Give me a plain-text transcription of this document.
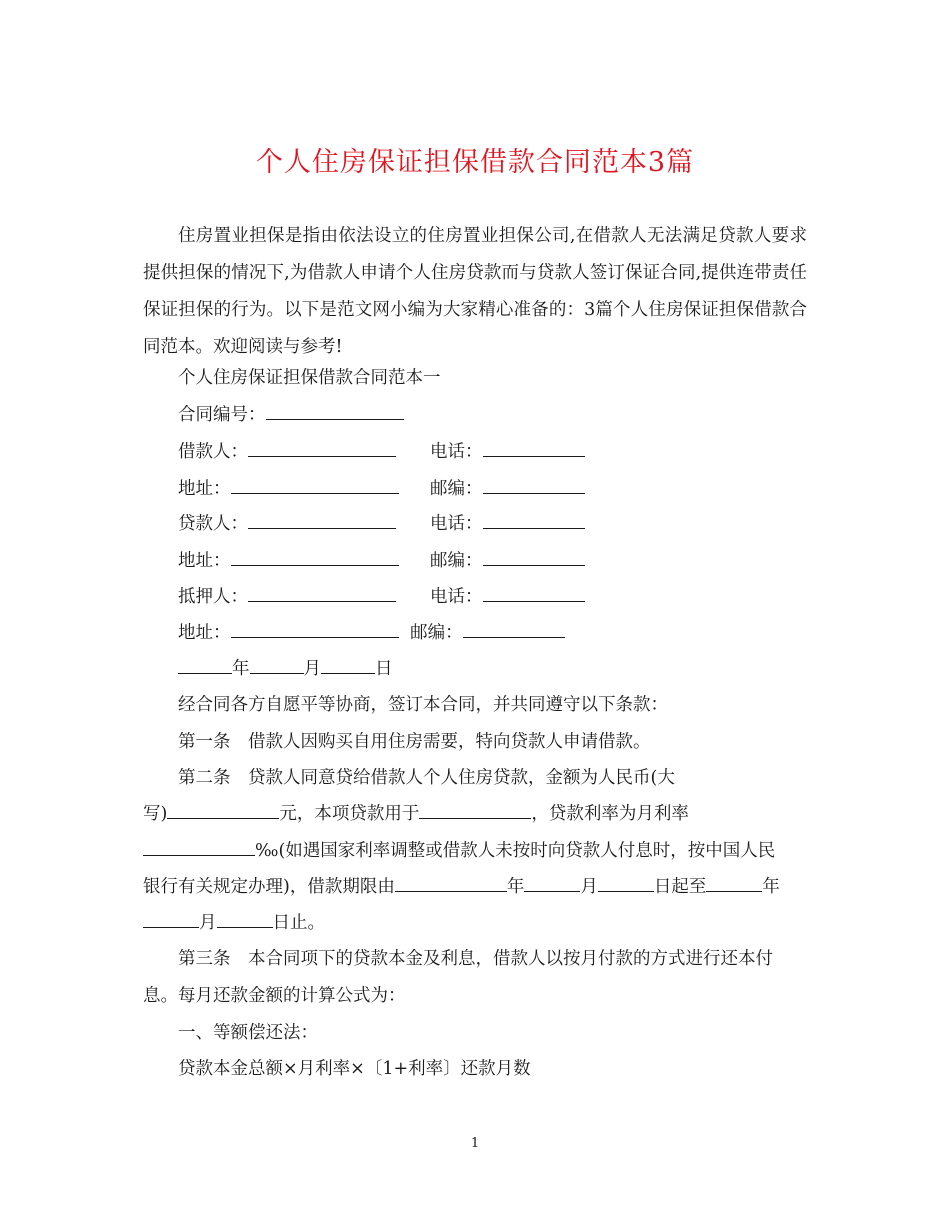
个人住房保证担保借款合同范本3篇

住房置业担保是指由依法设立的住房置业担保公司,在借款人无法满足贷款人要求提供担保的情况下,为借款人申请个人住房贷款而与贷款人签订保证合同,提供连带责任保证担保的行为。以下是范文网小编为大家精心准备的：3篇个人住房保证担保借款合同范本。欢迎阅读与参考!

个人住房保证担保借款合同范本一
合同编号：
借款人：	电话：
地址：	邮编：
贷款人：	电话：
地址：	邮编：
抵押人：	电话：
地址：	邮编：
年	月	日
经合同各方自愿平等协商，签订本合同，并共同遵守以下条款：
第一条　借款人因购买自用住房需要，特向贷款人申请借款。
第二条　贷款人同意贷给借款人个人住房贷款，金额为人民币(大
写)	元，本项贷款用于	，贷款利率为月利率
‰(如遇国家利率调整或借款人未按时向贷款人付息时，按中国人民
银行有关规定办理)，借款期限由	年	月	日起至	年
月	日止。

第三条　本合同项下的贷款本金及利息，借款人以按月付款的方式进行还本付息。每月还款金额的计算公式为：

一、等额偿还法：
贷款本金总额×月利率×〔1+利率〕还款月数
1
